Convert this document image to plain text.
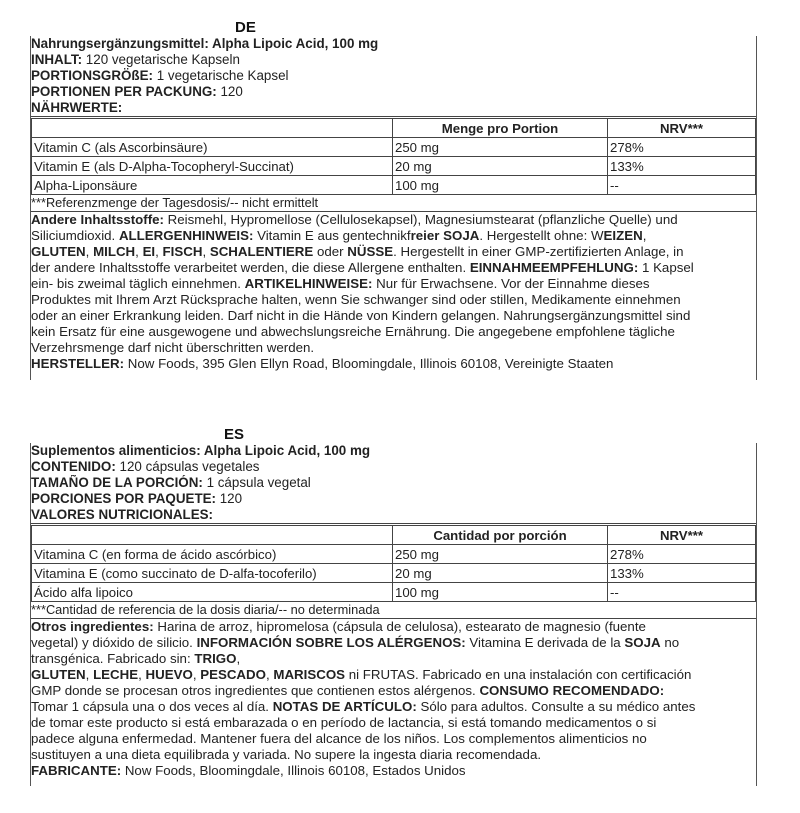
DE
Nahrungsergänzungsmittel: Alpha Lipoic Acid, 100 mg
INHALT: 120 vegetarische Kapseln
PORTIONSGRÖßE: 1 vegetarische Kapsel
PORTIONEN PER PACKUNG: 120
NÄHRWERTE:
	Menge pro Portion	NRV***
Vitamin C (als Ascorbinsäure)	250 mg	278%
Vitamin E (als D-Alpha-Tocopheryl-Succinat)	20 mg	133%
Alpha-Liponsäure	100 mg	--
***Referenzmenge der Tagesdosis/-- nicht ermittelt
Andere Inhaltsstoffe: Reismehl, Hypromellose (Cellulosekapsel), Magnesiumstearat (pflanzliche Quelle) und
Siliciumdioxid. ALLERGENHINWEIS: Vitamin E aus gentechnikfreier SOJA. Hergestellt ohne: WEIZEN,
GLUTEN, MILCH, EI, FISCH, SCHALENTIERE oder NÜSSE. Hergestellt in einer GMP-zertifizierten Anlage, in
der andere Inhaltsstoffe verarbeitet werden, die diese Allergene enthalten. EINNAHMEEMPFEHLUNG: 1 Kapsel
ein- bis zweimal täglich einnehmen. ARTIKELHINWEISE: Nur für Erwachsene. Vor der Einnahme dieses
Produktes mit Ihrem Arzt Rücksprache halten, wenn Sie schwanger sind oder stillen, Medikamente einnehmen
oder an einer Erkrankung leiden. Darf nicht in die Hände von Kindern gelangen. Nahrungsergänzungsmittel sind
kein Ersatz für eine ausgewogene und abwechslungsreiche Ernährung. Die angegebene empfohlene tägliche
Verzehrsmenge darf nicht überschritten werden.
HERSTELLER: Now Foods, 395 Glen Ellyn Road, Bloomingdale, Illinois 60108, Vereinigte Staaten
ES
Suplementos alimenticios: Alpha Lipoic Acid, 100 mg
CONTENIDO: 120 cápsulas vegetales
TAMAÑO DE LA PORCIÓN: 1 cápsula vegetal
PORCIONES POR PAQUETE: 120
VALORES NUTRICIONALES:
	Cantidad por porción	NRV***
Vitamina C (en forma de ácido ascórbico)	250 mg	278%
Vitamina E (como succinato de D-alfa-tocoferilo)	20 mg	133%
Ácido alfa lipoico	100 mg	--
***Cantidad de referencia de la dosis diaria/-- no determinada
Otros ingredientes: Harina de arroz, hipromelosa (cápsula de celulosa), estearato de magnesio (fuente
vegetal) y dióxido de silicio. INFORMACIÓN SOBRE LOS ALÉRGENOS: Vitamina E derivada de la SOJA no
transgénica. Fabricado sin: TRIGO,
GLUTEN, LECHE, HUEVO, PESCADO, MARISCOS ni FRUTAS. Fabricado en una instalación con certificación
GMP donde se procesan otros ingredientes que contienen estos alérgenos. CONSUMO RECOMENDADO:
Tomar 1 cápsula una o dos veces al día. NOTAS DE ARTÍCULO: Sólo para adultos. Consulte a su médico antes
de tomar este producto si está embarazada o en período de lactancia, si está tomando medicamentos o si
padece alguna enfermedad. Mantener fuera del alcance de los niños. Los complementos alimenticios no
sustituyen a una dieta equilibrada y variada. No supere la ingesta diaria recomendada.
FABRICANTE: Now Foods, Bloomingdale, Illinois 60108, Estados Unidos
